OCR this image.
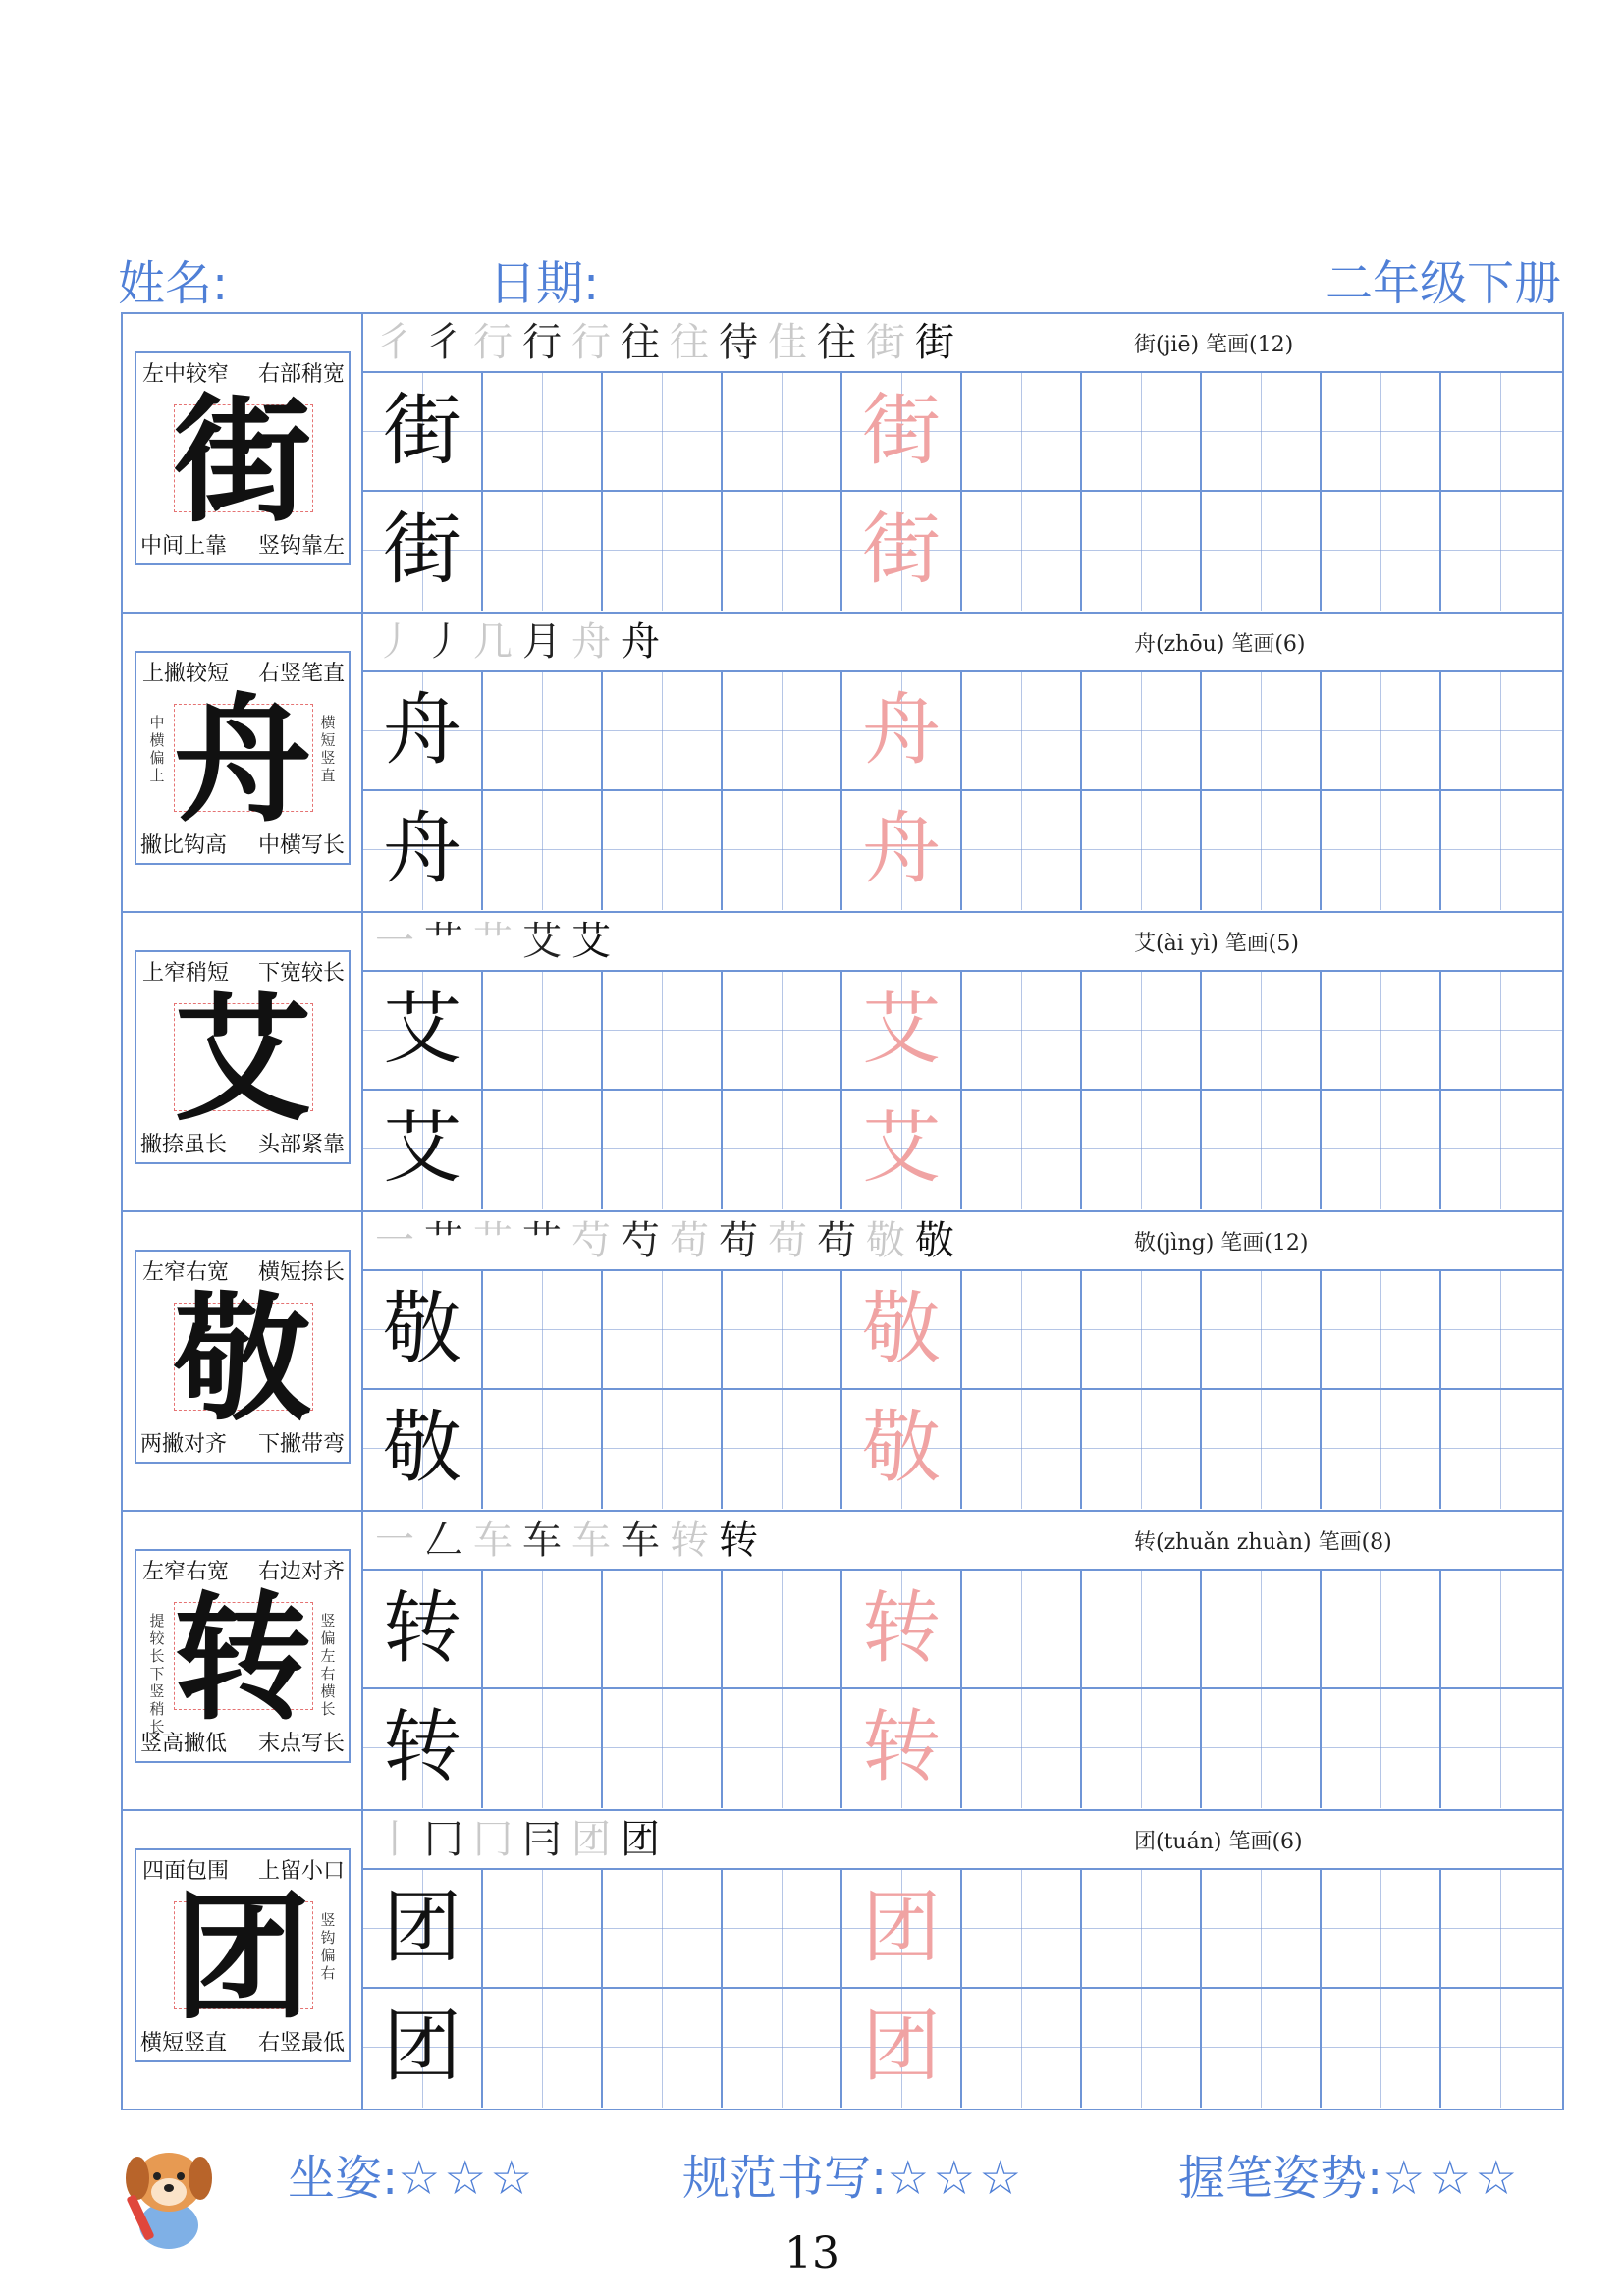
姓名:	日期:	二年级下册
左中较窄 右部稍宽
中间上靠 竖钩靠左
街
彳 彳 行 行 行 往 往 待 佳 往 街 街	街(jiē) 笔画(12)
街	街
街	街
上撇较短 右竖笔直
撇比钩高 中横写长
舟
中横偏上
横短竖直
丿 丿 几 月 舟 舟	舟(zhōu) 笔画(6)
舟	舟
舟	舟
上窄稍短 下宽较长
撇捺虽长 头部紧靠
艾
一 艹 艹 艾 艾	艾(ài yì) 笔画(5)
艾	艾
艾	艾
左窄右宽 横短捺长
两撇对齐 下撇带弯
敬
一 艹 艹 艹 芍 芍 苟 苟 苟 苟 敬 敬	敬(jìng) 笔画(12)
敬	敬
敬	敬
左窄右宽 右边对齐
竖高撇低 末点写长
转
提较长下竖稍长
竖偏左右横长
一 𠃋 车 车 车 车 转 转	转(zhuǎn zhuàn) 笔画(8)
转	转
转	转
四面包围 上留小口
横短竖直 右竖最低
团 竖钩偏右
丨 冂 冂 冃 团 团	团(tuán) 笔画(6)
团	团
团	团
坐姿:☆☆☆	规范书写:☆☆☆	握笔姿势:☆☆☆
13
